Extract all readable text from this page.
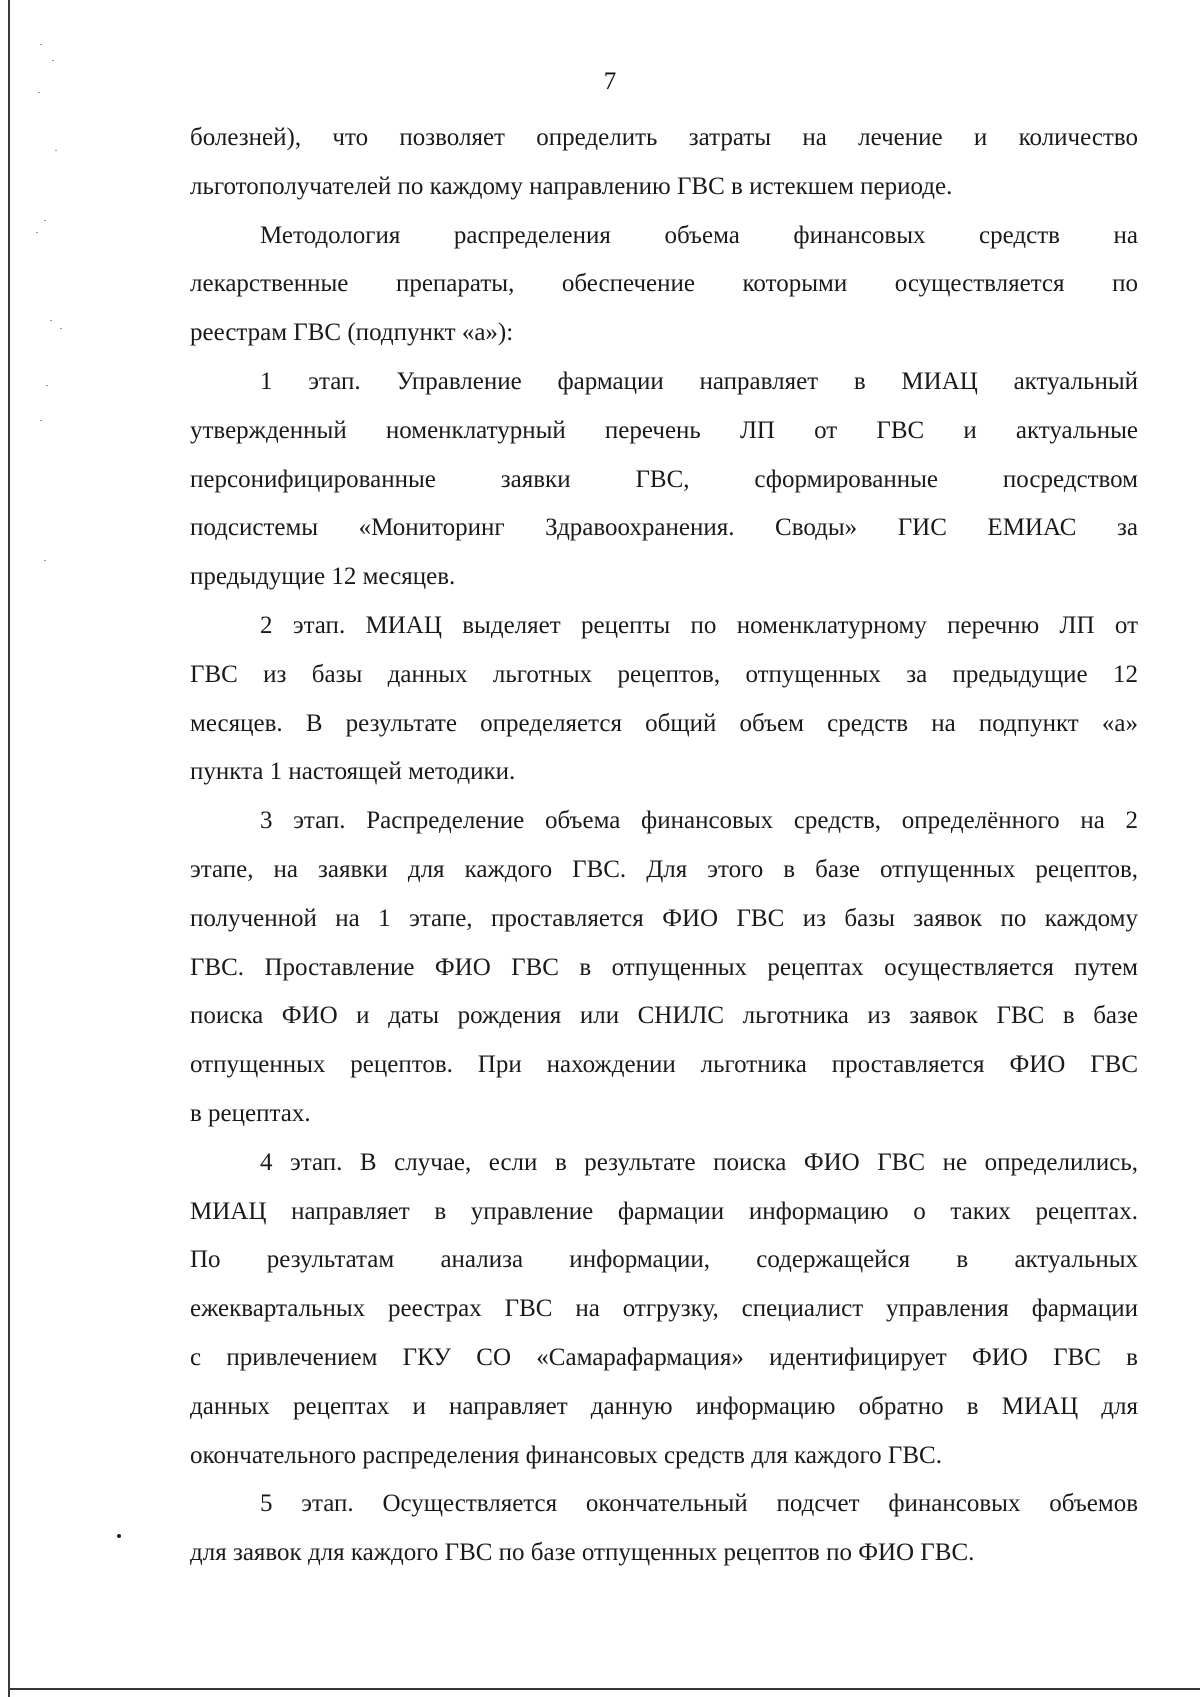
7

болезней), что позволяет определить затраты на лечение и количество

льготополучателей по каждому направлению ГВС в истекшем периоде.

Методология распределения объема финансовых средств на

лекарственные препараты, обеспечение которыми осуществляется по

реестрам ГВС (подпункт «а»):

1 этап. Управление фармации направляет в МИАЦ актуальный

утвержденный номенклатурный перечень ЛП от ГВС и актуальные

персонифицированные заявки ГВС, сформированные посредством

подсистемы «Мониторинг Здравоохранения. Своды» ГИС ЕМИАС за

предыдущие 12 месяцев.

2 этап. МИАЦ выделяет рецепты по номенклатурному перечню ЛП от

ГВС из базы данных льготных рецептов, отпущенных за предыдущие 12

месяцев. В результате определяется общий объем средств на подпункт «а»

пункта 1 настоящей методики.

3 этап. Распределение объема финансовых средств, определённого на 2

этапе, на заявки для каждого ГВС. Для этого в базе отпущенных рецептов,

полученной на 1 этапе, проставляется ФИО ГВС из базы заявок по каждому

ГВС. Проставление ФИО ГВС в отпущенных рецептах осуществляется путем

поиска ФИО и даты рождения или СНИЛС льготника из заявок ГВС в базе

отпущенных рецептов. При нахождении льготника проставляется ФИО ГВС

в рецептах.

4 этап. В случае, если в результате поиска ФИО ГВС не определились,

МИАЦ направляет в управление фармации информацию о таких рецептах.

По результатам анализа информации, содержащейся в актуальных

ежеквартальных реестрах ГВС на отгрузку, специалист управления фармации

с привлечением ГКУ СО «Самарафармация» идентифицирует ФИО ГВС в

данных рецептах и направляет данную информацию обратно в МИАЦ для

окончательного распределения финансовых средств для каждого ГВС.

5 этап. Осуществляется окончательный подсчет финансовых объемов

для заявок для каждого ГВС по базе отпущенных рецептов по ФИО ГВС.
